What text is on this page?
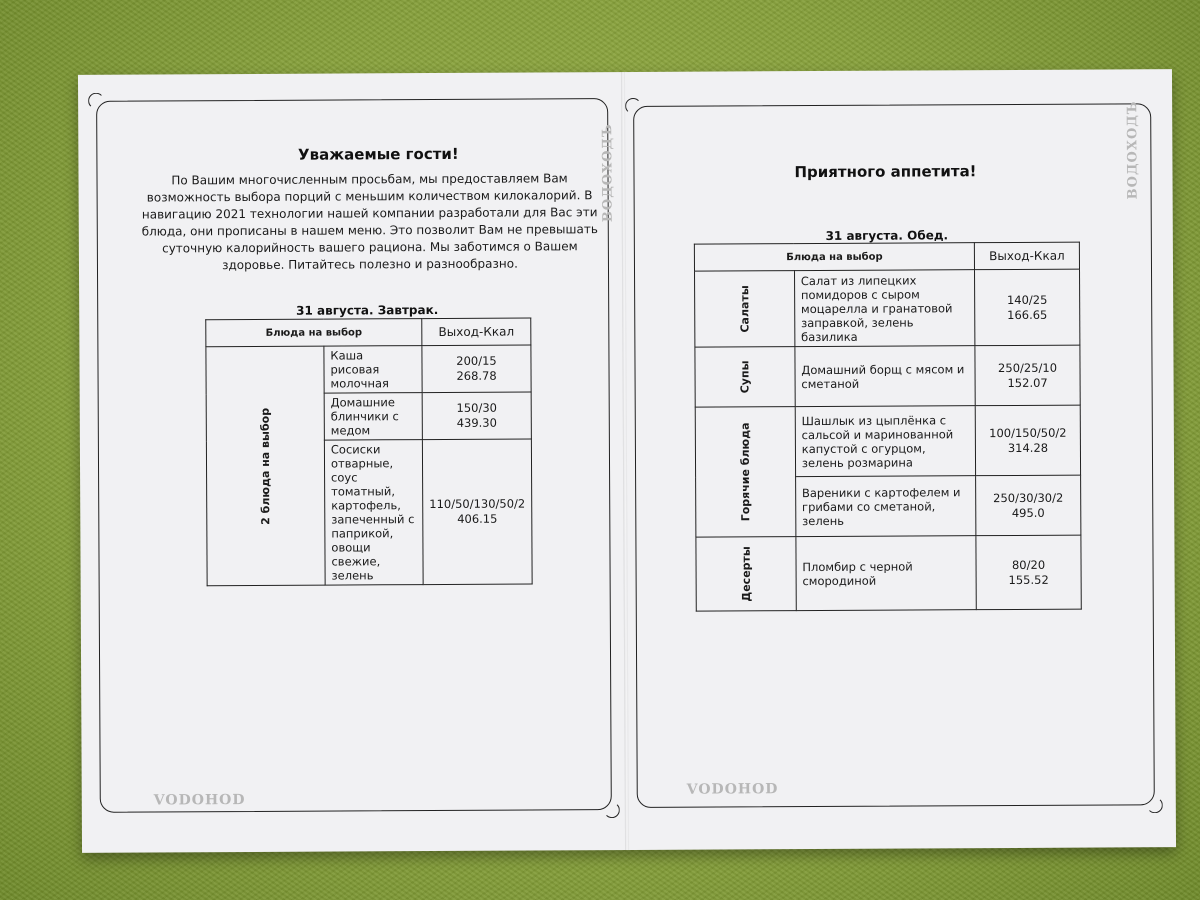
ВОДОХОДЪ
Уважаемые гости!

По Вашим многочисленным просьбам, мы предоставляем Вам возможность выбора порций с меньшим количеством килокалорий. В навигацию 2021 технологии нашей компании разработали для Вас эти блюда, они прописаны в нашем меню. Это позволит Вам не превышать суточную калорийность вашего рациона. Мы заботимся о Вашем здоровье. Питайтесь полезно и разнообразно.

31 августа. Завтрак.
Блюда на выбор		Выход-Ккал
2 блюда на выбор	Каша рисовая молочная	200/15
268.78

	Домашние блинчики с медом	150/30
439.30

	Сосиски отварные, соус томатный, картофель, запеченный с паприкой, овощи свежие, зелень	110/50/130/50/2
406.15
VODOHOD
ВОДОХОДЪ
Приятного аппетита!
31 августа. Обед.
Блюда на выбор		Выход-Ккал
Салаты	Салат из липецких помидоров с сыром моцарелла и гранатовой заправкой, зелень базилика	140/25
166.65

Супы	Домашний борщ с мясом и сметаной	250/25/10
152.07

Горячие блюда	Шашлык из цыплёнка с сальсой и маринованной капустой с огурцом, зелень розмарина	100/150/50/2
314.28

	Вареники с картофелем и грибами со сметаной, зелень	250/30/30/2
495.0

Десерты	Пломбир с черной смородиной	80/20
155.52
VODOHOD
